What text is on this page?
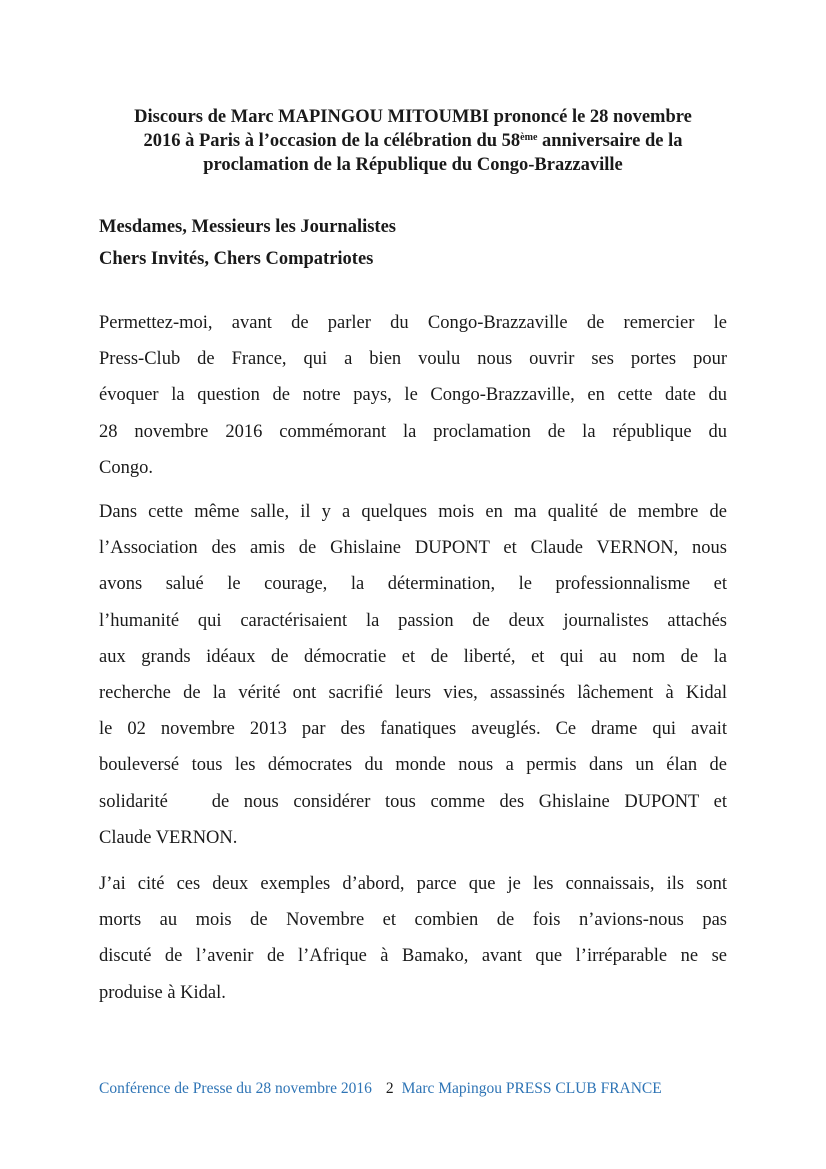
Discours de Marc MAPINGOU MITOUMBI prononcé le 28 novembre
2016 à Paris à l’occasion de la célébration du 58ème anniversaire de la
proclamation de la République du Congo-Brazzaville
Mesdames, Messieurs les Journalistes
Chers Invités, Chers Compatriotes
Permettez-moi, avant de parler du Congo-Brazzaville de remercier le
Press-Club de France, qui a bien voulu nous ouvrir ses portes pour
évoquer la question de notre pays, le Congo-Brazzaville, en cette date du
28 novembre 2016 commémorant la proclamation de la république du
Congo.
Dans cette même salle, il y a quelques mois en ma qualité de membre de
l’Association des amis de Ghislaine DUPONT et Claude VERNON, nous
avons salué le courage, la détermination, le professionnalisme et
l’humanité qui caractérisaient la passion de deux journalistes attachés
aux grands idéaux de démocratie et de liberté, et qui au nom de la
recherche de la vérité ont sacrifié leurs vies, assassinés lâchement à Kidal
le 02 novembre 2013 par des fanatiques aveuglés. Ce drame qui avait
bouleversé tous les démocrates du monde nous a permis dans un élan de
solidarité   de nous considérer tous comme des Ghislaine DUPONT et
Claude VERNON.
J’ai cité ces deux exemples d’abord, parce que je les connaissais, ils sont
morts au mois de Novembre et combien de fois n’avions-nous pas
discuté de l’avenir de l’Afrique à Bamako, avant que l’irréparable ne se
produise à Kidal.
Conférence de Presse du 28 novembre 2016 2 Marc Mapingou PRESS CLUB FRANCE
